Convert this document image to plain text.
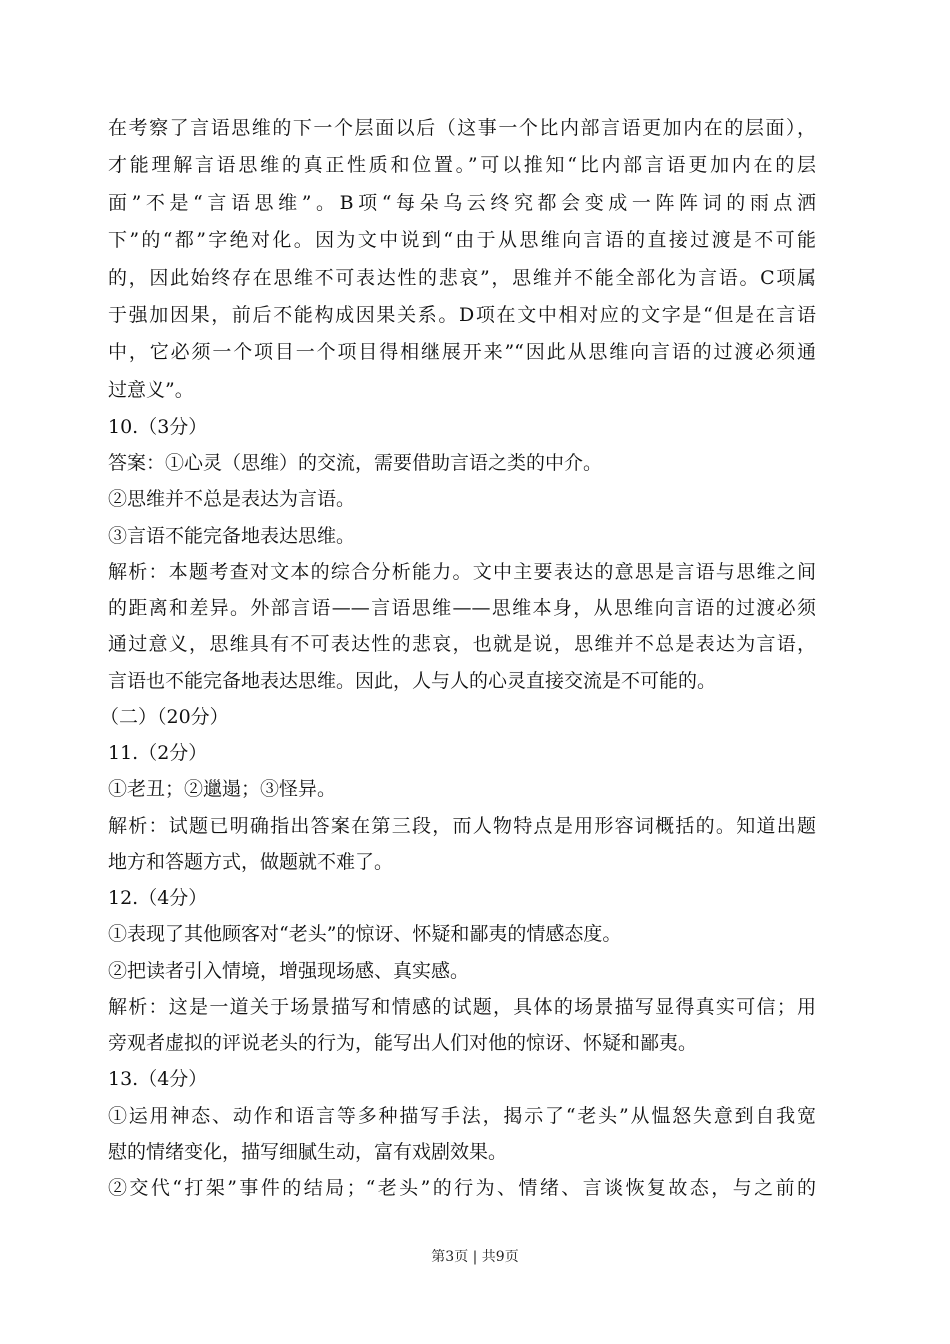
在考察了言语思维的下一个层面以后（这事一个比内部言语更加内在的层面），
才能理解言语思维的真正性质和位置。”可以推知“比内部言语更加内在的层
面”不是“言语思维”。B项“每朵乌云终究都会变成一阵阵词的雨点洒
下”的“都”字绝对化。因为文中说到“由于从思维向言语的直接过渡是不可能
的，因此始终存在思维不可表达性的悲哀”，思维并不能全部化为言语。C项属
于强加因果，前后不能构成因果关系。D项在文中相对应的文字是“但是在言语
中，它必须一个项目一个项目得相继展开来”“因此从思维向言语的过渡必须通
过意义”。
10.（3分）
答案：①心灵（思维）的交流，需要借助言语之类的中介。
②思维并不总是表达为言语。
③言语不能完备地表达思维。
解析：本题考查对文本的综合分析能力。文中主要表达的意思是言语与思维之间
的距离和差异。外部言语——言语思维——思维本身，从思维向言语的过渡必须
通过意义，思维具有不可表达性的悲哀，也就是说，思维并不总是表达为言语，
言语也不能完备地表达思维。因此，人与人的心灵直接交流是不可能的。
（二）（20分）
11.（2分）
①老丑；②邋遢；③怪异。
解析：试题已明确指出答案在第三段，而人物特点是用形容词概括的。知道出题
地方和答题方式，做题就不难了。
12.（4分）
①表现了其他顾客对“老头”的惊讶、怀疑和鄙夷的情感态度。
②把读者引入情境，增强现场感、真实感。
解析：这是一道关于场景描写和情感的试题，具体的场景描写显得真实可信；用
旁观者虚拟的评说老头的行为，能写出人们对他的惊讶、怀疑和鄙夷。
13.（4分）
①运用神态、动作和语言等多种描写手法，揭示了“老头”从愠怒失意到自我宽
慰的情绪变化，描写细腻生动，富有戏剧效果。
②交代“打架”事件的结局；“老头”的行为、情绪、言谈恢复故态，与之前的
第3页 | 共9页
